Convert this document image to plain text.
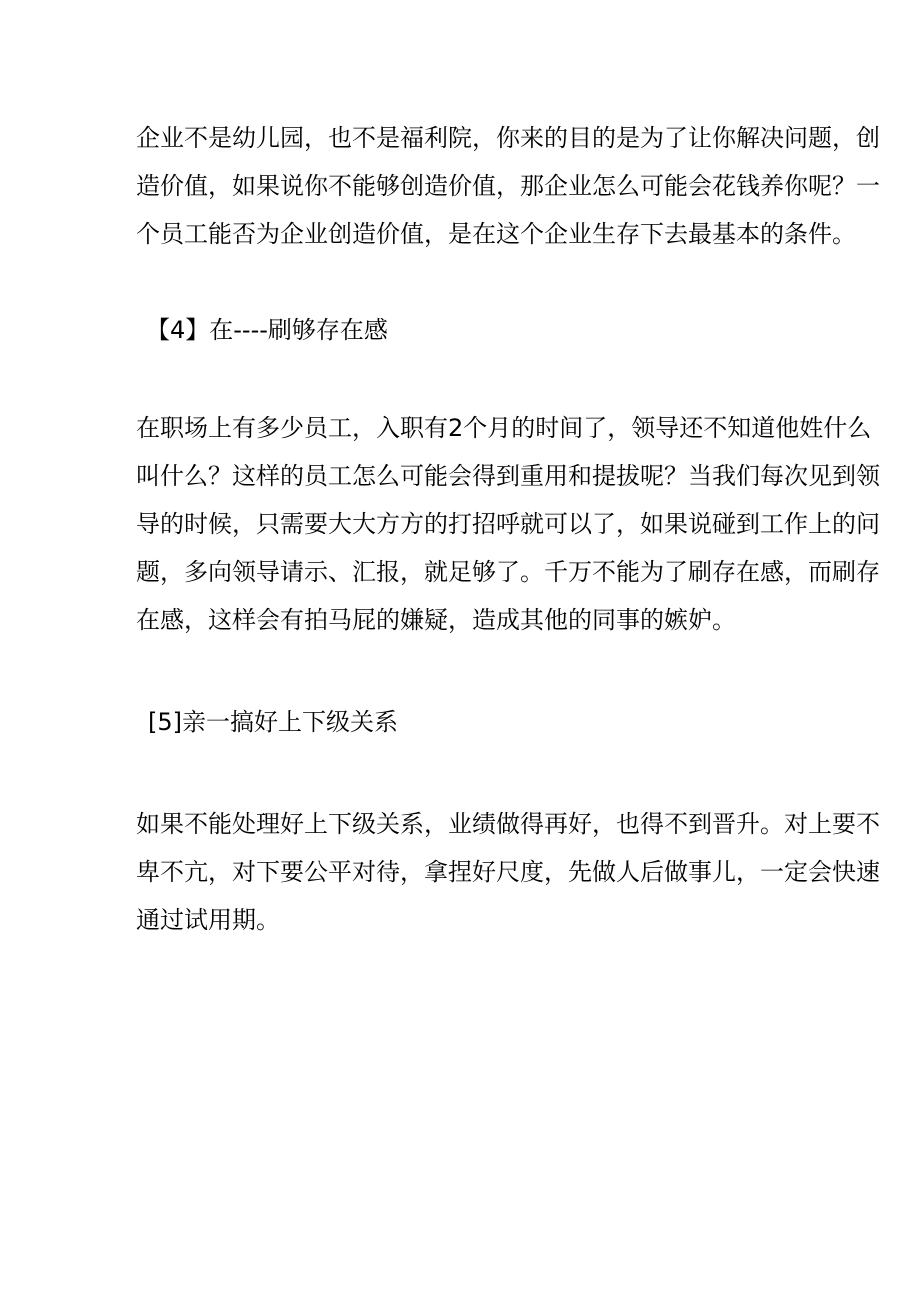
企业不是幼儿园，也不是福利院，你来的目的是为了让你解决问题，创
造价值，如果说你不能够创造价值，那企业怎么可能会花钱养你呢？一
个员工能否为企业创造价值，是在这个企业生存下去最基本的条件。

【4】在----刷够存在感

在职场上有多少员工，入职有2个月的时间了，领导还不知道他姓什么
叫什么？这样的员工怎么可能会得到重用和提拔呢？当我们每次见到领
导的时候，只需要大大方方的打招呼就可以了，如果说碰到工作上的问
题，多向领导请示、汇报，就足够了。千万不能为了刷存在感，而刷存
在感，这样会有拍马屁的嫌疑，造成其他的同事的嫉妒。

[5]亲一搞好上下级关系

如果不能处理好上下级关系，业绩做得再好，也得不到晋升。对上要不
卑不亢，对下要公平对待，拿捏好尺度，先做人后做事儿，一定会快速
通过试用期。
